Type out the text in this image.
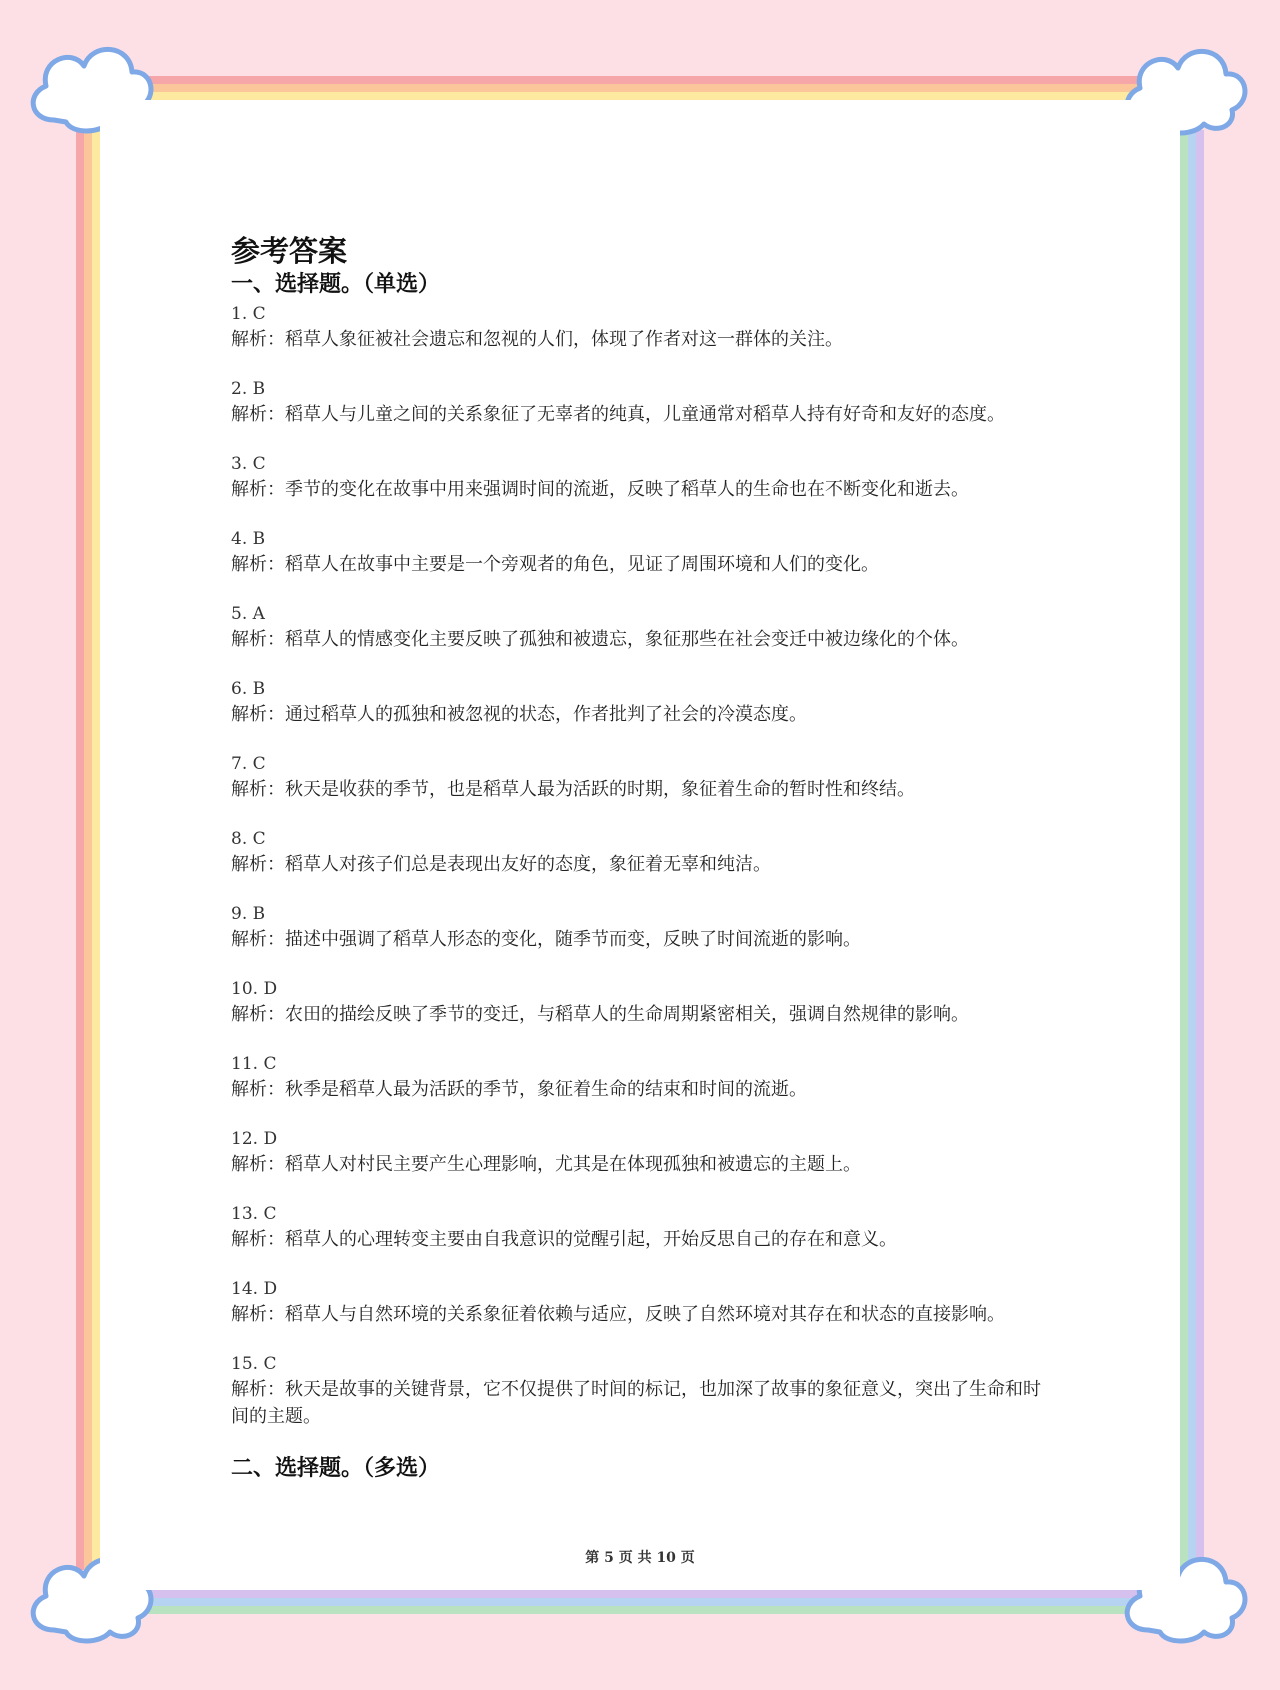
参考答案
一、选择题。（单选）
1. C
解析：稻草人象征被社会遗忘和忽视的人们，体现了作者对这一群体的关注。
2. B
解析：稻草人与儿童之间的关系象征了无辜者的纯真，儿童通常对稻草人持有好奇和友好的态度。
3. C
解析：季节的变化在故事中用来强调时间的流逝，反映了稻草人的生命也在不断变化和逝去。
4. B
解析：稻草人在故事中主要是一个旁观者的角色，见证了周围环境和人们的变化。
5. A
解析：稻草人的情感变化主要反映了孤独和被遗忘，象征那些在社会变迁中被边缘化的个体。
6. B
解析：通过稻草人的孤独和被忽视的状态，作者批判了社会的冷漠态度。
7. C
解析：秋天是收获的季节，也是稻草人最为活跃的时期，象征着生命的暂时性和终结。
8. C
解析：稻草人对孩子们总是表现出友好的态度，象征着无辜和纯洁。
9. B
解析：描述中强调了稻草人形态的变化，随季节而变，反映了时间流逝的影响。
10. D
解析：农田的描绘反映了季节的变迁，与稻草人的生命周期紧密相关，强调自然规律的影响。
11. C
解析：秋季是稻草人最为活跃的季节，象征着生命的结束和时间的流逝。
12. D
解析：稻草人对村民主要产生心理影响，尤其是在体现孤独和被遗忘的主题上。
13. C
解析：稻草人的心理转变主要由自我意识的觉醒引起，开始反思自己的存在和意义。
14. D
解析：稻草人与自然环境的关系象征着依赖与适应，反映了自然环境对其存在和状态的直接影响。
15. C
解析：秋天是故事的关键背景，它不仅提供了时间的标记，也加深了故事的象征意义，突出了生命和时间的主题。
二、选择题。（多选）
第 5 页 共 10 页
